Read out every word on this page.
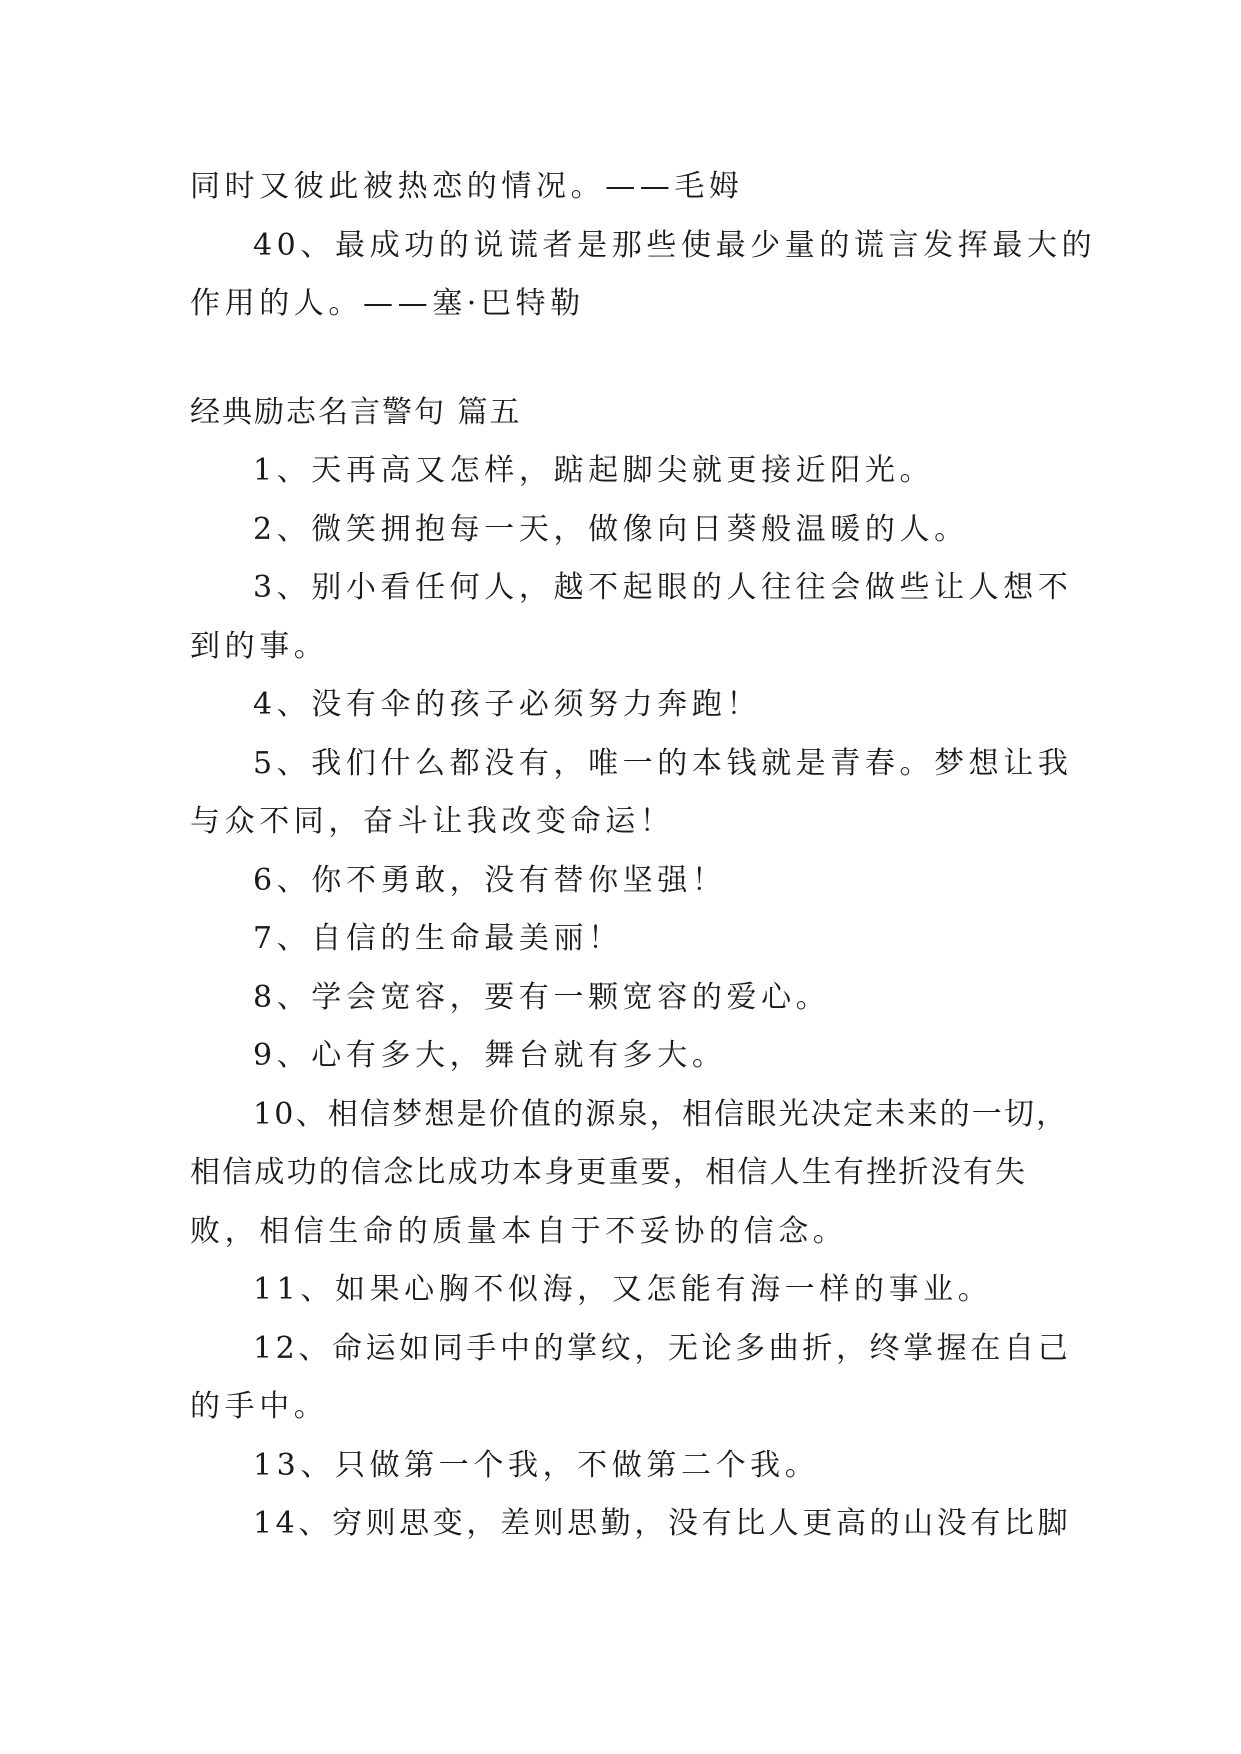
同时又彼此被热恋的情况。——毛姆
40、最成功的说谎者是那些使最少量的谎言发挥最大的
作用的人。——塞·巴特勒
经典励志名言警句 篇五
1、天再高又怎样，踮起脚尖就更接近阳光。
2、微笑拥抱每一天，做像向日葵般温暖的人。
3、别小看任何人，越不起眼的人往往会做些让人想不
到的事。
4、没有伞的孩子必须努力奔跑！
5、我们什么都没有，唯一的本钱就是青春。梦想让我
与众不同，奋斗让我改变命运！
6、你不勇敢，没有替你坚强！
7、自信的生命最美丽！
8、学会宽容，要有一颗宽容的爱心。
9、心有多大，舞台就有多大。
10、相信梦想是价值的源泉，相信眼光决定未来的一切，
相信成功的信念比成功本身更重要，相信人生有挫折没有失
败，相信生命的质量本自于不妥协的信念。
11、如果心胸不似海，又怎能有海一样的事业。
12、命运如同手中的掌纹，无论多曲折，终掌握在自己
的手中。
13、只做第一个我，不做第二个我。
14、穷则思变，差则思勤，没有比人更高的山没有比脚
